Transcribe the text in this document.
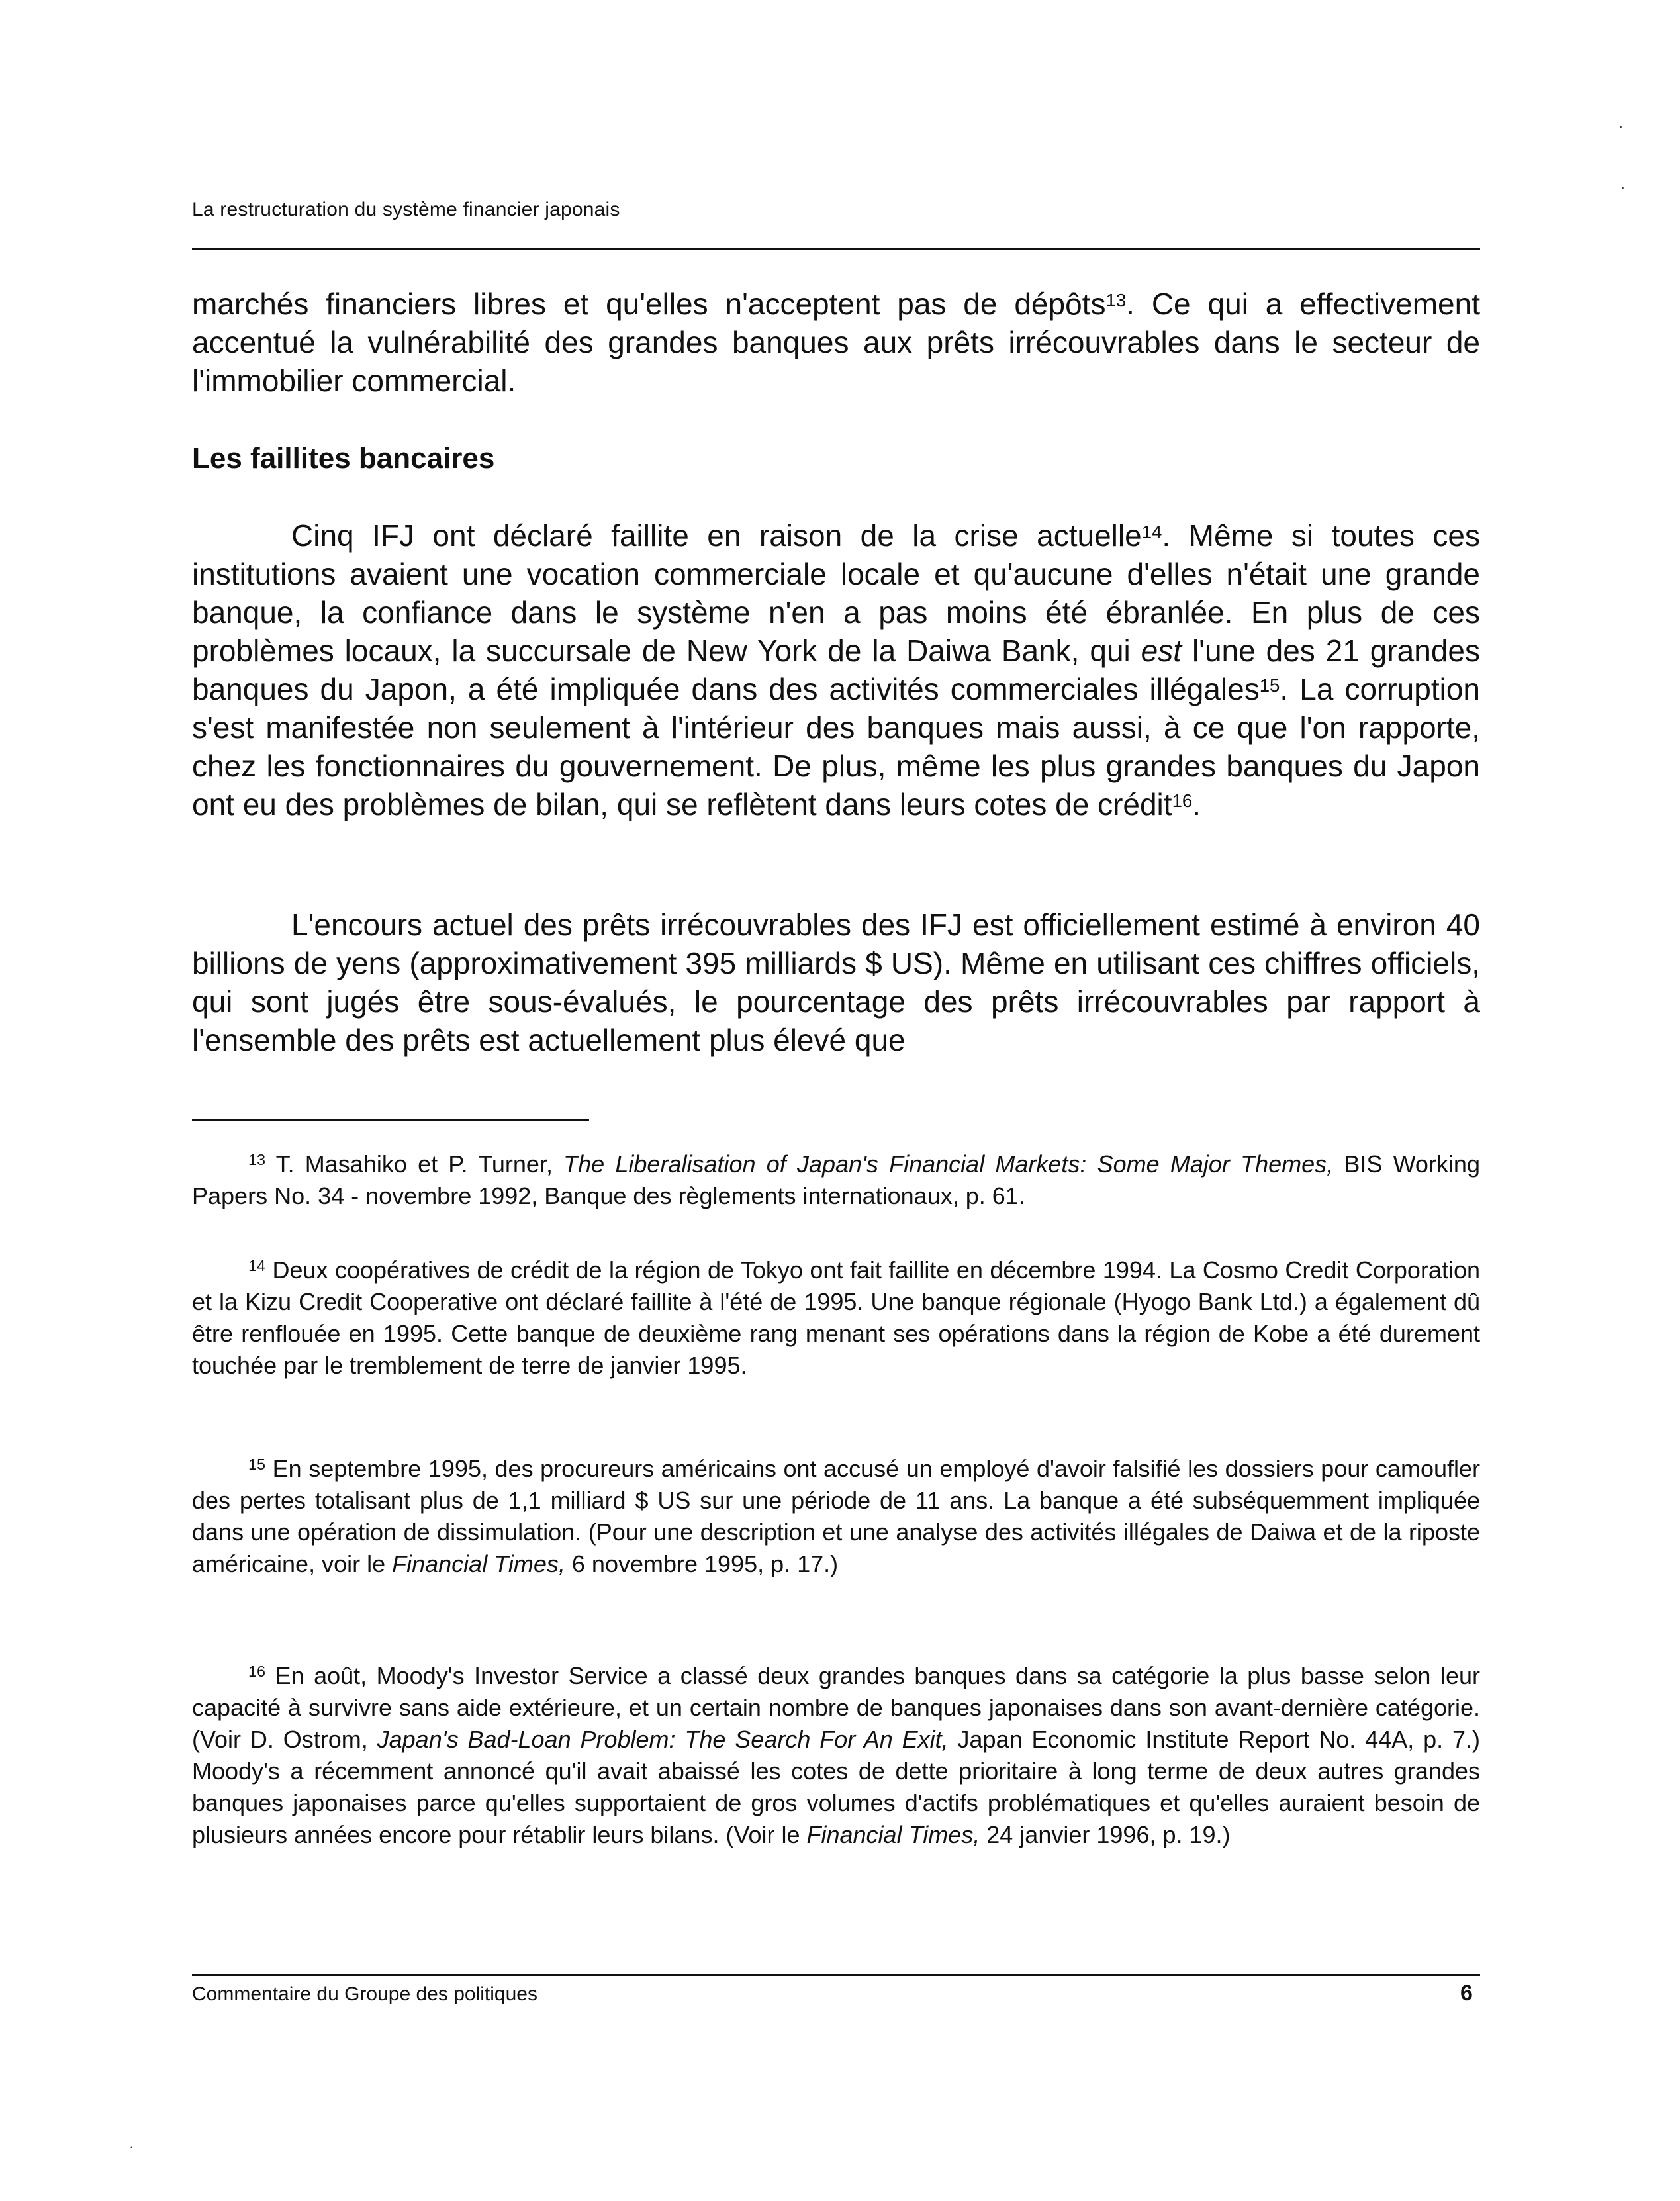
La restructuration du système financier japonais

marchés financiers libres et qu'elles n'acceptent pas de dépôts$^{13}$. Ce qui a effectivement accentué la vulnérabilité des grandes banques aux prêts irrécouvrables dans le secteur de l'immobilier commercial.

Les faillites bancaires

Cinq IFJ ont déclaré faillite en raison de la crise actuelle$^{14}$. Même si toutes ces institutions avaient une vocation commerciale locale et qu'aucune d'elles n'était une grande banque, la confiance dans le système n'en a pas moins été ébranlée. En plus de ces problèmes locaux, la succursale de New York de la Daiwa Bank, qui est l'une des 21 grandes banques du Japon, a été impliquée dans des activités commerciales illégales$^{15}$. La corruption s'est manifestée non seulement à l'intérieur des banques mais aussi, à ce que l'on rapporte, chez les fonctionnaires du gouvernement. De plus, même les plus grandes banques du Japon ont eu des problèmes de bilan, qui se reflètent dans leurs cotes de crédit$^{16}$.

L'encours actuel des prêts irrécouvrables des IFJ est officiellement estimé à environ 40 billions de yens (approximativement 395 milliards $ US). Même en utilisant ces chiffres officiels, qui sont jugés être sous-évalués, le pourcentage des prêts irrécouvrables par rapport à l'ensemble des prêts est actuellement plus élevé que

$^{13}$ T. Masahiko et P. Turner, The Liberalisation of Japan's Financial Markets: Some Major Themes, BIS Working Papers No. 34 - novembre 1992, Banque des règlements internationaux, p. 61.

$^{14}$ Deux coopératives de crédit de la région de Tokyo ont fait faillite en décembre 1994. La Cosmo Credit Corporation et la Kizu Credit Cooperative ont déclaré faillite à l'été de 1995. Une banque régionale (Hyogo Bank Ltd.) a également dû être renflouée en 1995. Cette banque de deuxième rang menant ses opérations dans la région de Kobe a été durement touchée par le tremblement de terre de janvier 1995.

$^{15}$ En septembre 1995, des procureurs américains ont accusé un employé d'avoir falsifié les dossiers pour camoufler des pertes totalisant plus de 1,1 milliard $ US sur une période de 11 ans. La banque a été subséquemment impliquée dans une opération de dissimulation. (Pour une description et une analyse des activités illégales de Daiwa et de la riposte américaine, voir le Financial Times, 6 novembre 1995, p. 17.)

$^{16}$ En août, Moody's Investor Service a classé deux grandes banques dans sa catégorie la plus basse selon leur capacité à survivre sans aide extérieure, et un certain nombre de banques japonaises dans son avant-dernière catégorie. (Voir D. Ostrom, Japan's Bad-Loan Problem: The Search For An Exit, Japan Economic Institute Report No. 44A, p. 7.) Moody's a récemment annoncé qu'il avait abaissé les cotes de dette prioritaire à long terme de deux autres grandes banques japonaises parce qu'elles supportaient de gros volumes d'actifs problématiques et qu'elles auraient besoin de plusieurs années encore pour rétablir leurs bilans. (Voir le Financial Times, 24 janvier 1996, p. 19.)

Commentaire du Groupe des politiques	6
·
·
·
